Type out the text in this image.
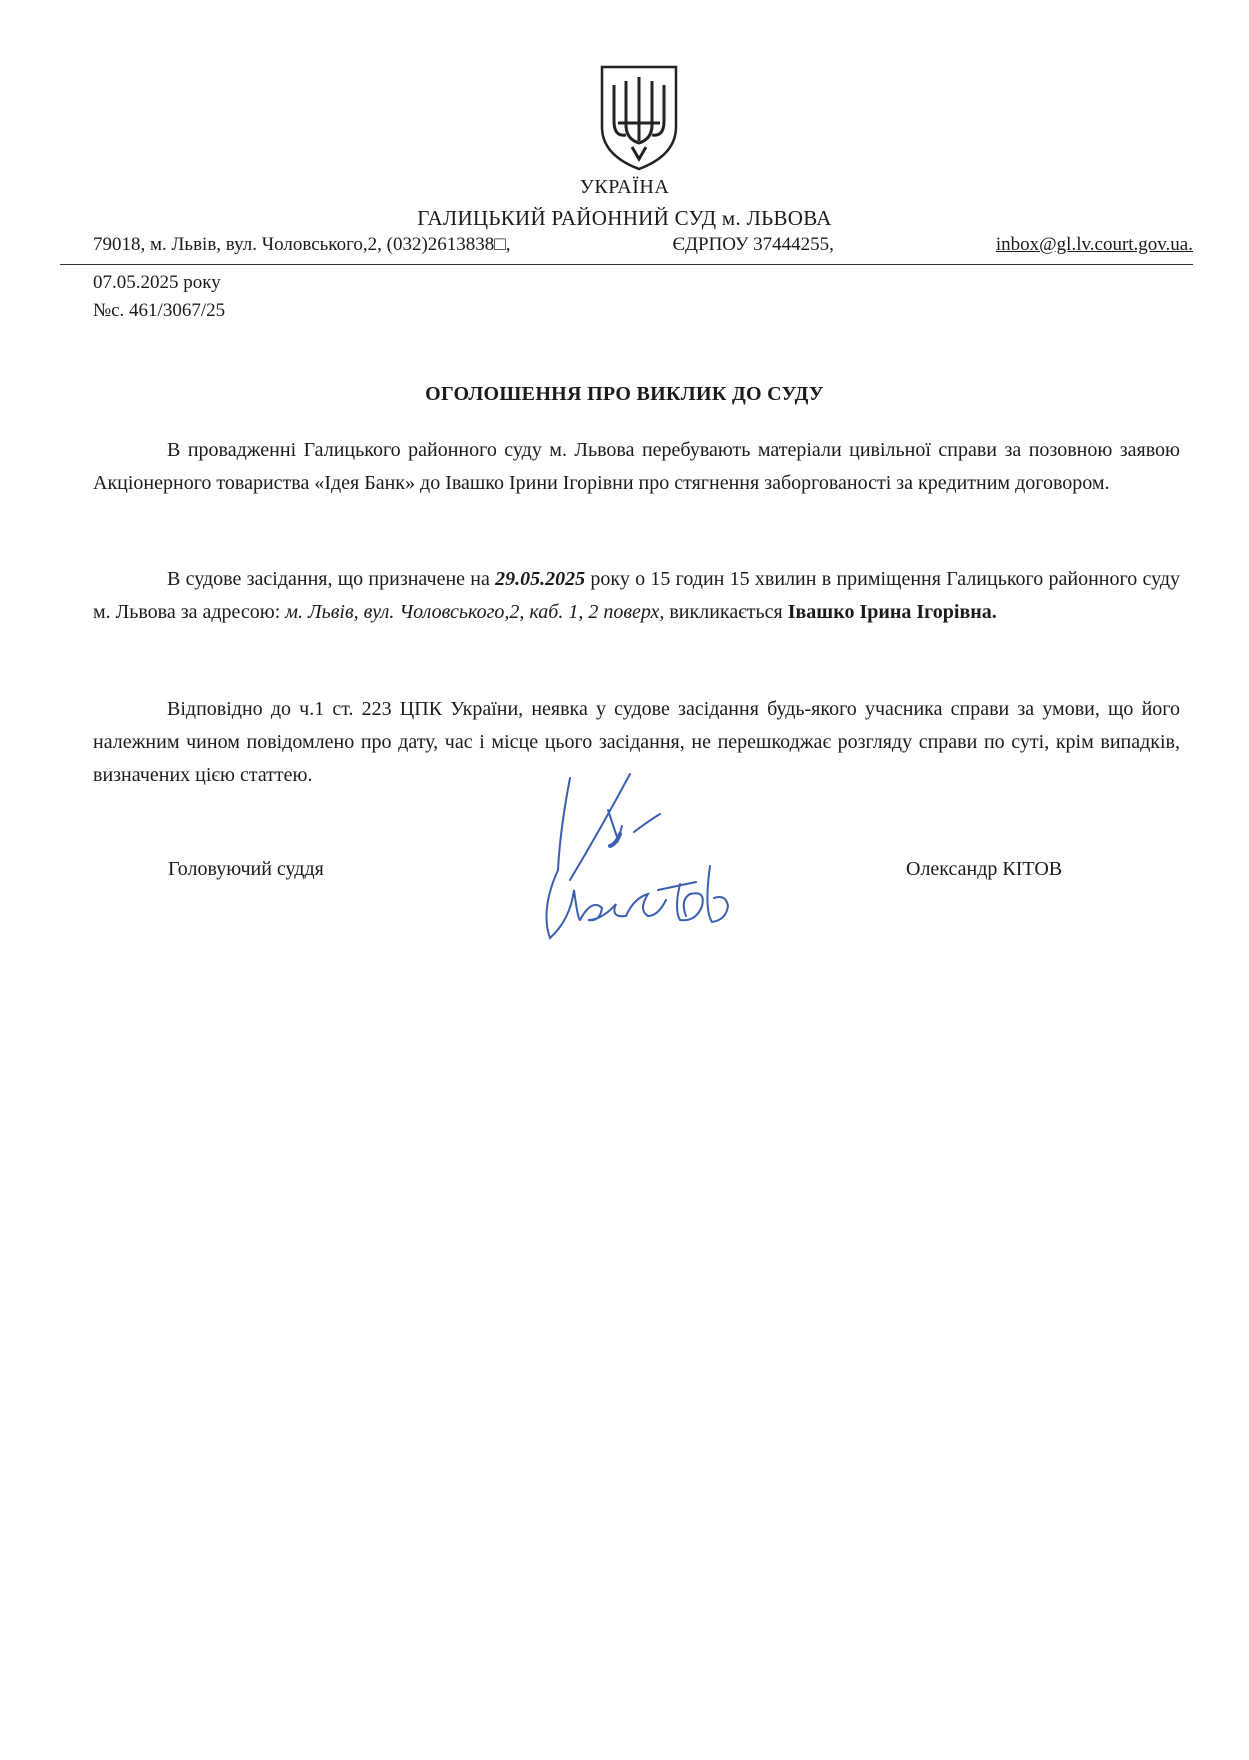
УКРАЇНА
ГАЛИЦЬКИЙ РАЙОННИЙ СУД м. ЛЬВОВА
79018, м. Львів, вул. Чоловського,2, (032)2613838□,	ЄДРПОУ 37444255,	inbox@gl.lv.court.gov.ua.
07.05.2025 року
№с. 461/3067/25
ОГОЛОШЕННЯ ПРО ВИКЛИК ДО СУДУ

В провадженні Галицького районного суду м. Львова перебувають матеріали цивільної справи за позовною заявою Акціонерного товариства «Ідея Банк» до Івашко Ірини Ігорівни про стягнення заборгованості за кредитним договором.

В судове засідання, що призначене на 29.05.2025 року о 15 годин 15 хвилин в приміщення Галицького районного суду м. Львова за адресою: м. Львів, вул. Чоловського,2, каб. 1, 2 поверх, викликається Івашко Ірина Ігорівна.

Відповідно до ч.1 ст. 223 ЦПК України, неявка у судове засідання будь-якого учасника справи за умови, що його належним чином повідомлено про дату, час і місце цього засідання, не перешкоджає розгляду справи по суті, крім випадків, визначених цією статтею.

Головуючий суддя	Олександр КІТОВ
